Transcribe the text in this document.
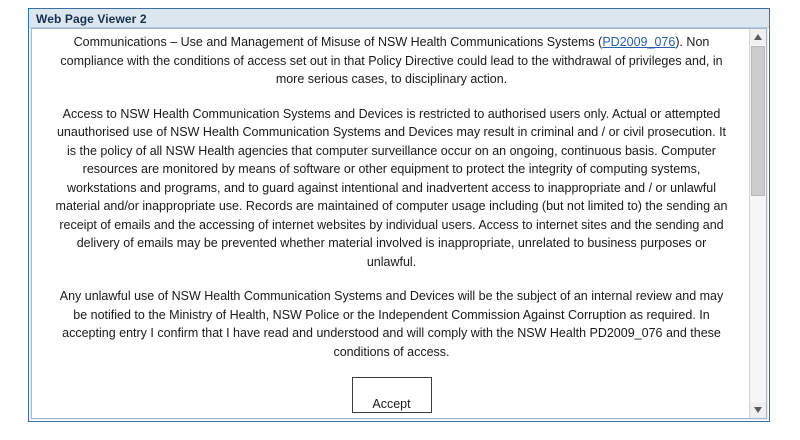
Web Page Viewer 2

Communications – Use and Management of Misuse of NSW Health Communications Systems (PD2009_076). Non compliance with the conditions of access set out in that Policy Directive could lead to the withdrawal of privileges and, in more serious cases, to disciplinary action.

Access to NSW Health Communication Systems and Devices is restricted to authorised users only. Actual or attempted unauthorised use of NSW Health Communication Systems and Devices may result in criminal and / or civil prosecution. It is the policy of all NSW Health agencies that computer surveillance occur on an ongoing, continuous basis. Computer resources are monitored by means of software or other equipment to protect the integrity of computing systems, workstations and programs, and to guard against intentional and inadvertent access to inappropriate and / or unlawful material and/or inappropriate use. Records are maintained of computer usage including (but not limited to) the sending an receipt of emails and the accessing of internet websites by individual users. Access to internet sites and the sending and delivery of emails may be prevented whether material involved is inappropriate, unrelated to business purposes or unlawful.

Any unlawful use of NSW Health Communication Systems and Devices will be the subject of an internal review and may be notified to the Ministry of Health, NSW Police or the Independent Commission Against Corruption as required. In accepting entry I confirm that I have read and understood and will comply with the NSW Health PD2009_076 and these conditions of access.

Accept
